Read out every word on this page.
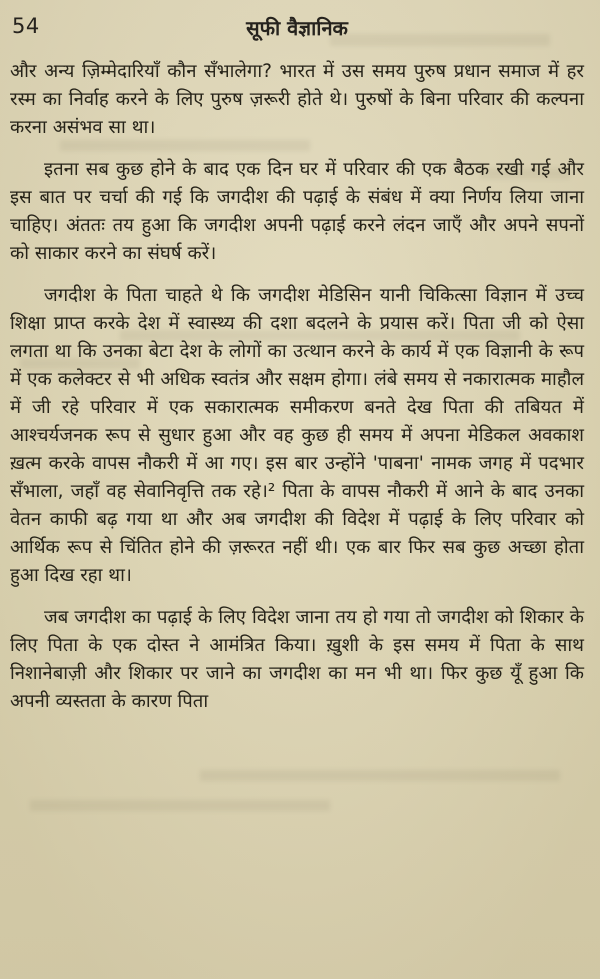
54	सूफी वैज्ञानिक

और अन्य ज़िम्मेदारियाँ कौन सँभालेगा? भारत में उस समय पुरुष प्रधान समाज में हर रस्म का निर्वाह करने के लिए पुरुष ज़रूरी होते थे। पुरुषों के बिना परिवार की कल्पना करना असंभव सा था।

इतना सब कुछ होने के बाद एक दिन घर में परिवार की एक बैठक रखी गई और इस बात पर चर्चा की गई कि जगदीश की पढ़ाई के संबंध में क्या निर्णय लिया जाना चाहिए। अंततः तय हुआ कि जगदीश अपनी पढ़ाई करने लंदन जाएँ और अपने सपनों को साकार करने का संघर्ष करें।

जगदीश के पिता चाहते थे कि जगदीश मेडिसिन यानी चिकित्सा विज्ञान में उच्च शिक्षा प्राप्त करके देश में स्वास्थ्य की दशा बदलने के प्रयास करें। पिता जी को ऐसा लगता था कि उनका बेटा देश के लोगों का उत्थान करने के कार्य में एक विज्ञानी के रूप में एक कलेक्टर से भी अधिक स्वतंत्र और सक्षम होगा। लंबे समय से नकारात्मक माहौल में जी रहे परिवार में एक सकारात्मक समीकरण बनते देख पिता की तबियत में आश्चर्यजनक रूप से सुधार हुआ और वह कुछ ही समय में अपना मेडिकल अवकाश ख़त्म करके वापस नौकरी में आ गए। इस बार उन्होंने 'पाबना' नामक जगह में पदभार सँभाला, जहाँ वह सेवानिवृत्ति तक रहे।² पिता के वापस नौकरी में आने के बाद उनका वेतन काफी बढ़ गया था और अब जगदीश की विदेश में पढ़ाई के लिए परिवार को आर्थिक रूप से चिंतित होने की ज़रूरत नहीं थी। एक बार फिर सब कुछ अच्छा होता हुआ दिख रहा था।

जब जगदीश का पढ़ाई के लिए विदेश जाना तय हो गया तो जगदीश को शिकार के लिए पिता के एक दोस्त ने आमंत्रित किया। ख़ुशी के इस समय में पिता के साथ निशानेबाज़ी और शिकार पर जाने का जगदीश का मन भी था। फिर कुछ यूँ हुआ कि अपनी व्यस्तता के कारण पिता
